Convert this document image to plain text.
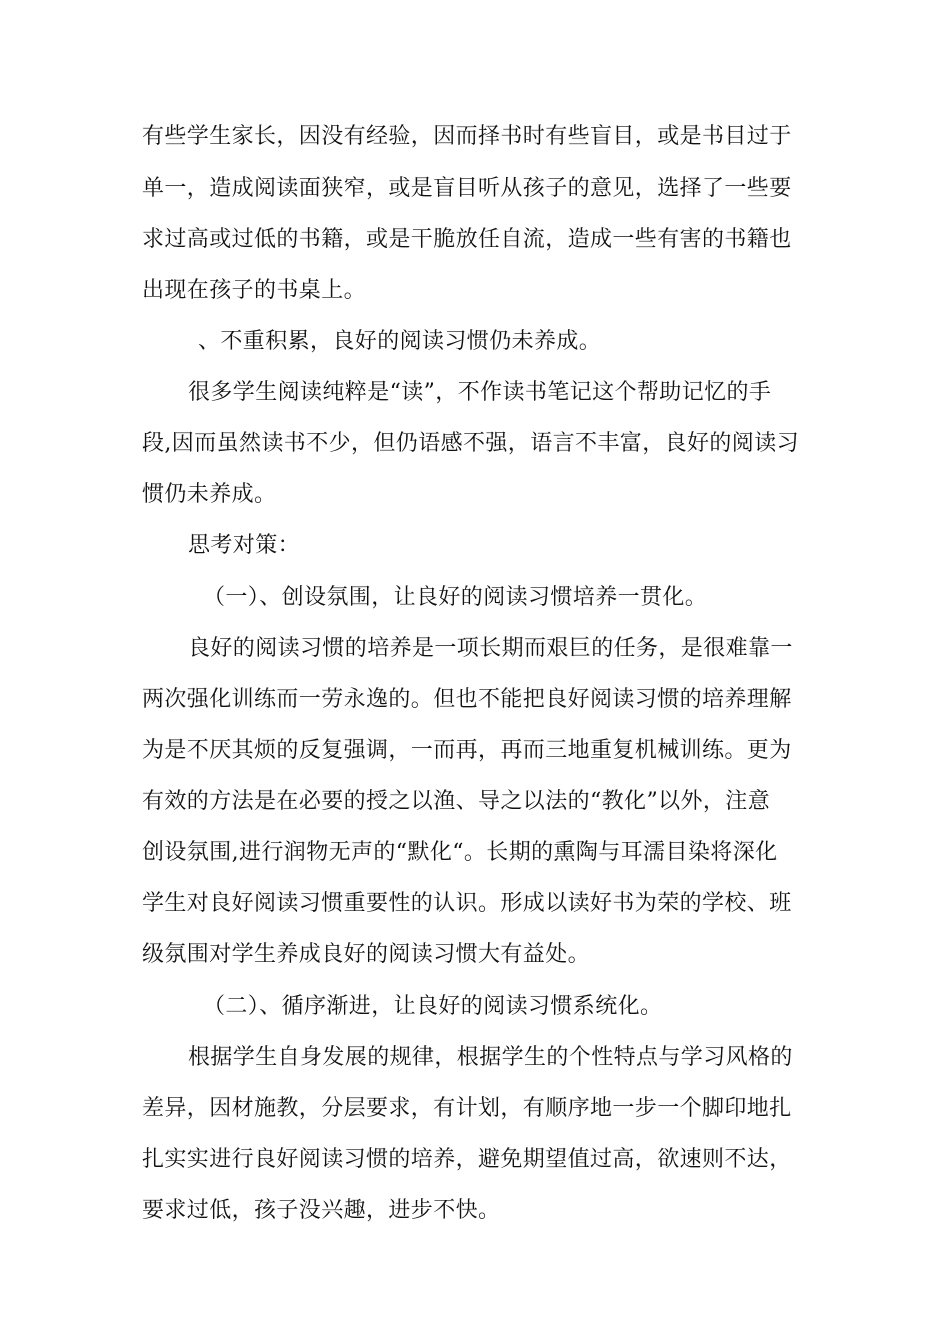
有些学生家长，因没有经验，因而择书时有些盲目，或是书目过于
单一，造成阅读面狭窄，或是盲目听从孩子的意见，选择了一些要
求过高或过低的书籍，或是干脆放任自流，造成一些有害的书籍也
出现在孩子的书桌上。
、不重积累，良好的阅读习惯仍未养成。
很多学生阅读纯粹是“读”，不作读书笔记这个帮助记忆的手
段,因而虽然读书不少，但仍语感不强，语言不丰富，良好的阅读习
惯仍未养成。
思考对策：
（一）、创设氛围，让良好的阅读习惯培养一贯化。
良好的阅读习惯的培养是一项长期而艰巨的任务，是很难靠一
两次强化训练而一劳永逸的。但也不能把良好阅读习惯的培养理解
为是不厌其烦的反复强调，一而再，再而三地重复机械训练。更为
有效的方法是在必要的授之以渔、导之以法的“教化”以外，注意
创设氛围,进行润物无声的“默化“。长期的熏陶与耳濡目染将深化
学生对良好阅读习惯重要性的认识。形成以读好书为荣的学校、班
级氛围对学生养成良好的阅读习惯大有益处。
（二）、循序渐进，让良好的阅读习惯系统化。
根据学生自身发展的规律，根据学生的个性特点与学习风格的
差异，因材施教，分层要求，有计划，有顺序地一步一个脚印地扎
扎实实进行良好阅读习惯的培养，避免期望值过高，欲速则不达，
要求过低，孩子没兴趣，进步不快。
